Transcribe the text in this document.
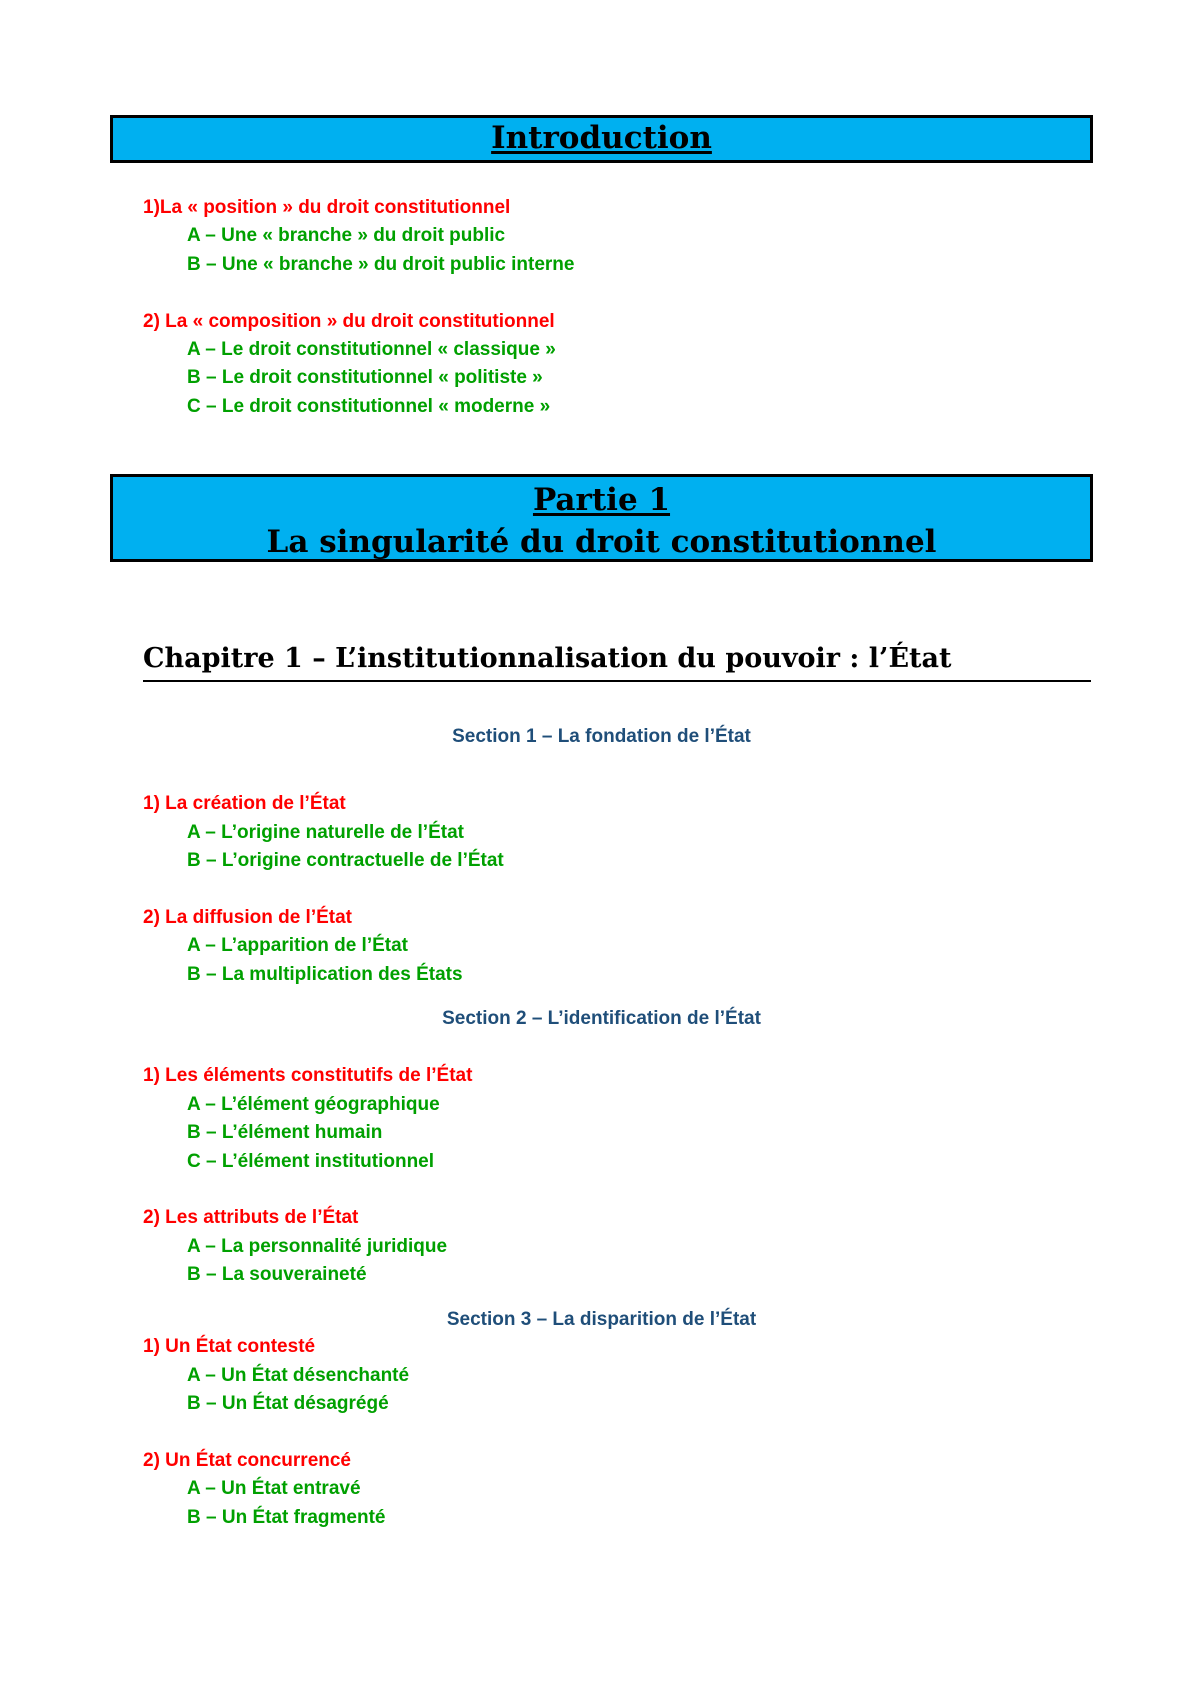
Introduction
1)La « position » du droit constitutionnel
A – Une « branche » du droit public
B – Une « branche » du droit public interne
2) La « composition » du droit constitutionnel
A – Le droit constitutionnel « classique »
B – Le droit constitutionnel « politiste »
C – Le droit constitutionnel « moderne »
Partie 1
La singularité du droit constitutionnel
Chapitre 1 – L’institutionnalisation du pouvoir : l’État
Section 1 – La fondation de l’État
1) La création de l’État
A – L’origine naturelle de l’État
B – L’origine contractuelle de l’État
2) La diffusion de l’État
A – L’apparition de l’État
B – La multiplication des États
Section 2 – L’identification de l’État
1) Les éléments constitutifs de l’État
A – L’élément géographique
B – L’élément humain
C – L’élément institutionnel
2) Les attributs de l’État
A – La personnalité juridique
B – La souveraineté
Section 3 – La disparition de l’État
1) Un État contesté
A – Un État désenchanté
B – Un État désagrégé
2) Un État concurrencé
A – Un État entravé
B – Un État fragmenté
